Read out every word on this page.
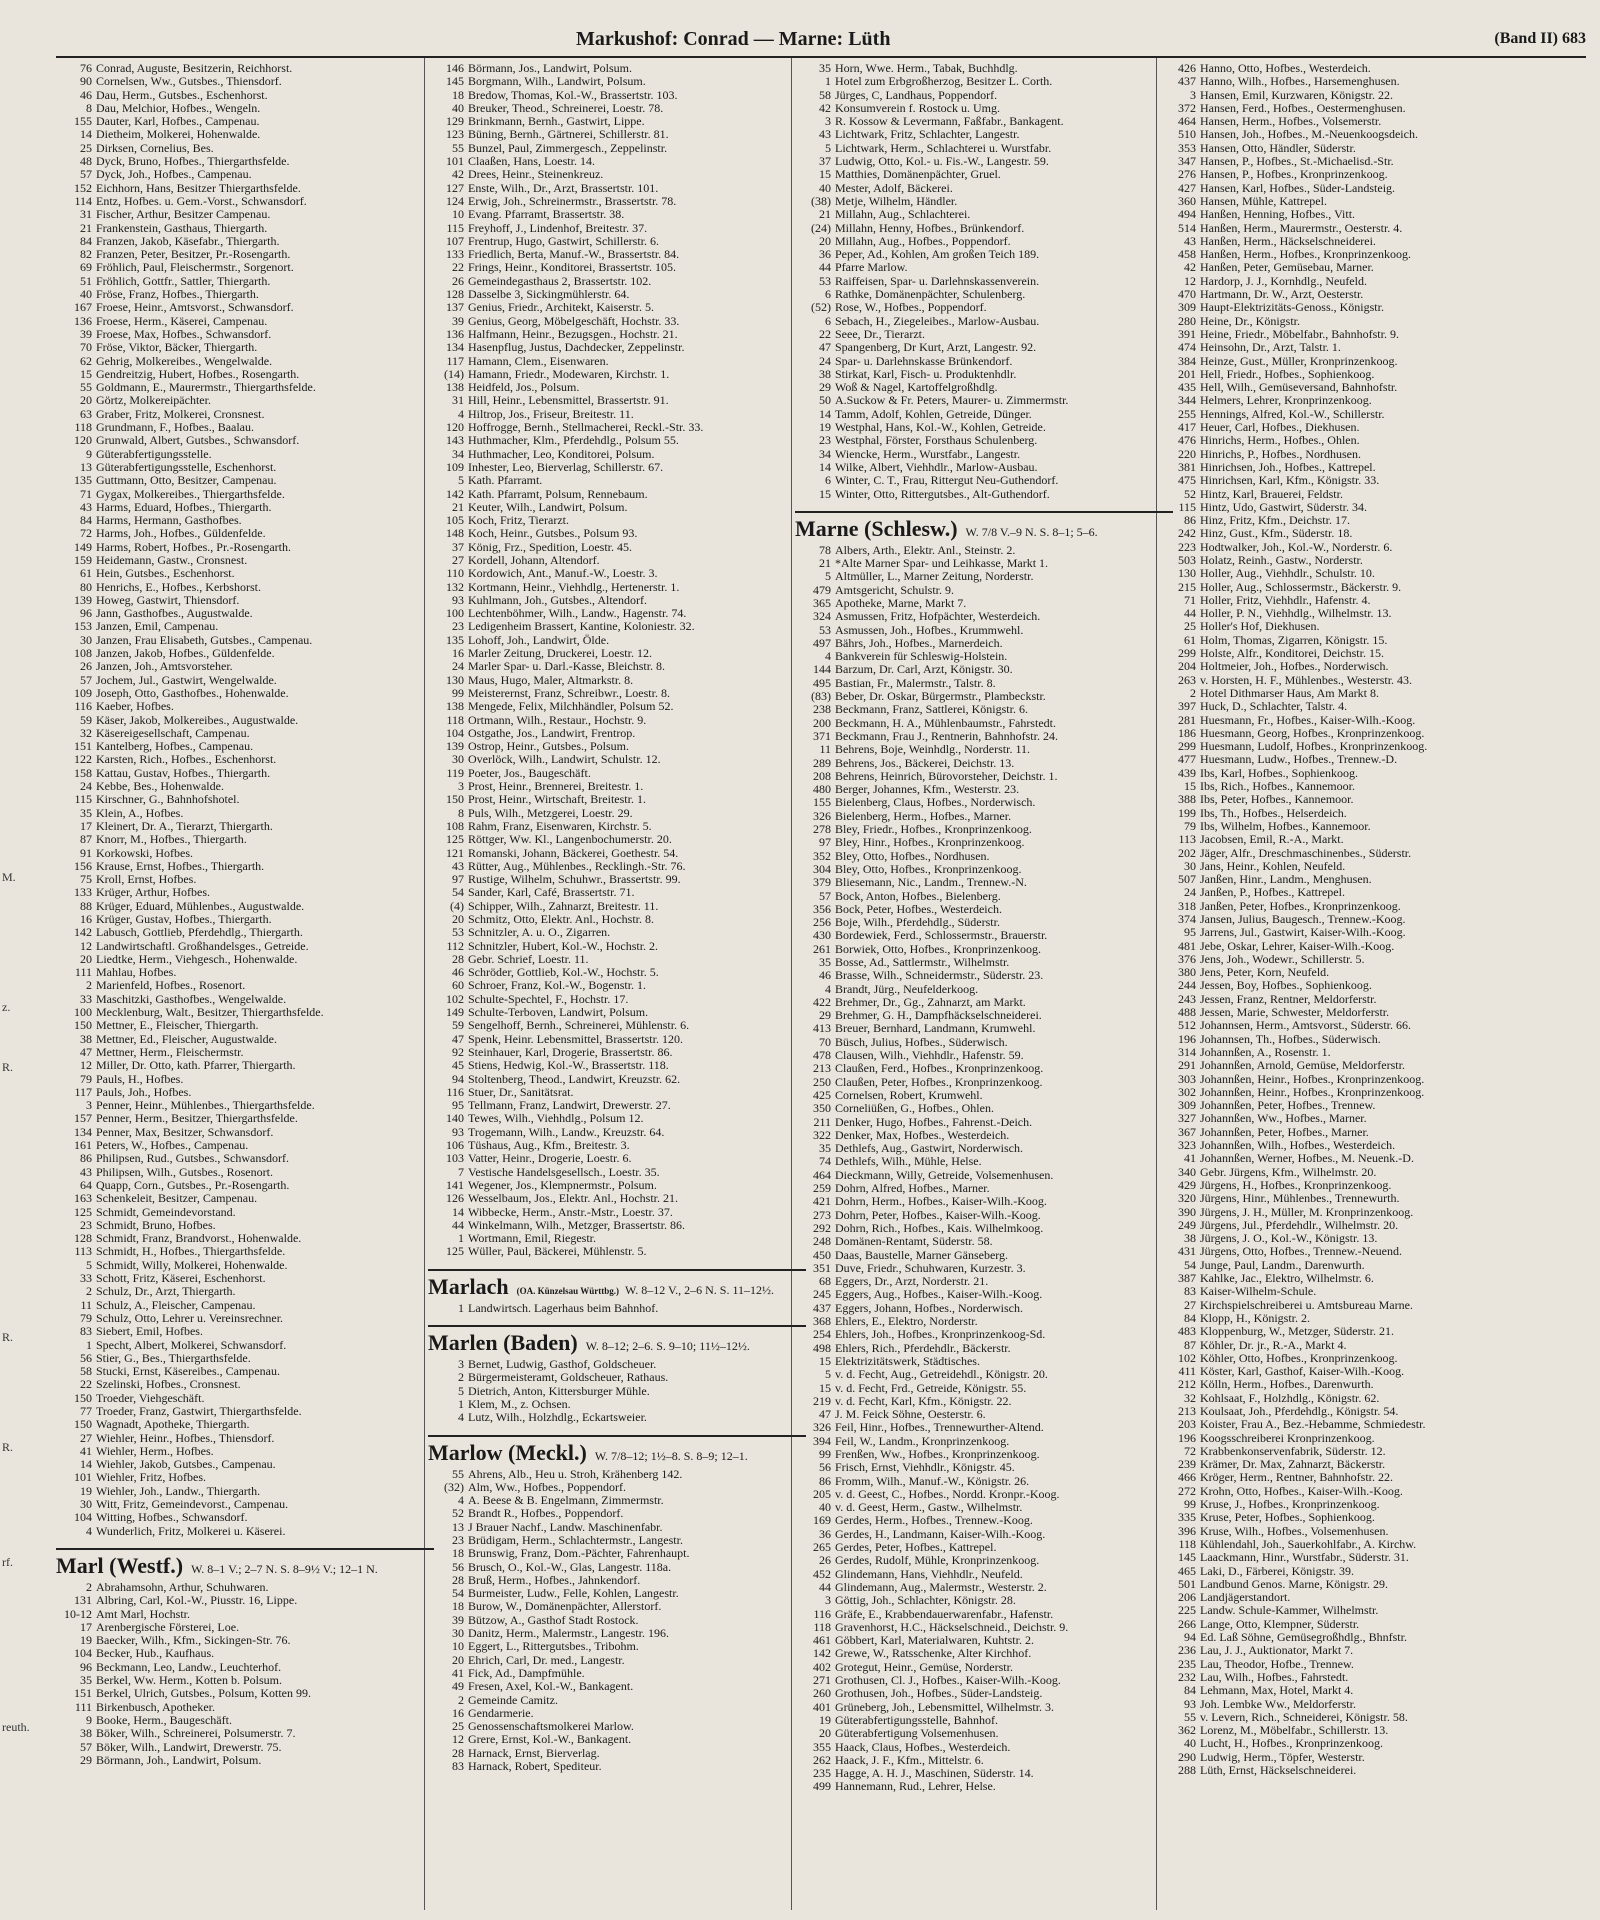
Markushof: Conrad — Marne: Lüth	(Band II) 683
M.
z.
R.
R.
R.
rf.
reuth.
76 Conrad, Auguste, Besitzerin, Reichhorst.
90 Cornelsen, Ww., Gutsbes., Thiensdorf.
46 Dau, Herm., Gutsbes., Eschenhorst.
8 Dau, Melchior, Hofbes., Wengeln.
155 Dauter, Karl, Hofbes., Campenau.
14 Dietheim, Molkerei, Hohenwalde.
25 Dirksen, Cornelius, Bes.
48 Dyck, Bruno, Hofbes., Thiergarthsfelde.
57 Dyck, Joh., Hofbes., Campenau.
152 Eichhorn, Hans, Besitzer Thiergarthsfelde.
114 Entz, Hofbes. u. Gem.-Vorst., Schwansdorf.
31 Fischer, Arthur, Besitzer Campenau.
21 Frankenstein, Gasthaus, Thiergarth.
84 Franzen, Jakob, Käsefabr., Thiergarth.
82 Franzen, Peter, Besitzer, Pr.-Rosengarth.
69 Fröhlich, Paul, Fleischermstr., Sorgenort.
51 Fröhlich, Gottfr., Sattler, Thiergarth.
40 Fröse, Franz, Hofbes., Thiergarth.
167 Froese, Heinr., Amtsvorst., Schwansdorf.
136 Froese, Herm., Käserei, Campenau.
39 Froese, Max, Hofbes., Schwansdorf.
70 Fröse, Viktor, Bäcker, Thiergarth.
62 Gehrig, Molkereibes., Wengelwalde.
15 Gendreitzig, Hubert, Hofbes., Rosengarth.
55 Goldmann, E., Maurermstr., Thiergarthsfelde.
20 Görtz, Molkereipächter.
63 Graber, Fritz, Molkerei, Cronsnest.
118 Grundmann, F., Hofbes., Baalau.
120 Grunwald, Albert, Gutsbes., Schwansdorf.
9 Güterabfertigungsstelle.
13 Güterabfertigungsstelle, Eschenhorst.
135 Guttmann, Otto, Besitzer, Campenau.
71 Gygax, Molkereibes., Thiergarthsfelde.
43 Harms, Eduard, Hofbes., Thiergarth.
84 Harms, Hermann, Gasthofbes.
72 Harms, Joh., Hofbes., Güldenfelde.
149 Harms, Robert, Hofbes., Pr.-Rosengarth.
159 Heidemann, Gastw., Cronsnest.
61 Hein, Gutsbes., Eschenhorst.
80 Henrichs, E., Hofbes., Kerbshorst.
139 Howeg, Gastwirt, Thiensdorf.
96 Jann, Gasthofbes., Augustwalde.
153 Janzen, Emil, Campenau.
30 Janzen, Frau Elisabeth, Gutsbes., Campenau.
108 Janzen, Jakob, Hofbes., Güldenfelde.
26 Janzen, Joh., Amtsvorsteher.
57 Jochem, Jul., Gastwirt, Wengelwalde.
109 Joseph, Otto, Gasthofbes., Hohenwalde.
116 Kaeber, Hofbes.
59 Käser, Jakob, Molkereibes., Augustwalde.
32 Käsereigesellschaft, Campenau.
151 Kantelberg, Hofbes., Campenau.
122 Karsten, Rich., Hofbes., Eschenhorst.
158 Kattau, Gustav, Hofbes., Thiergarth.
24 Kebbe, Bes., Hohenwalde.
115 Kirschner, G., Bahnhofshotel.
35 Klein, A., Hofbes.
17 Kleinert, Dr. A., Tierarzt, Thiergarth.
87 Knorr, M., Hofbes., Thiergarth.
91 Korkowski, Hofbes.
156 Krause, Ernst, Hofbes., Thiergarth.
75 Kroll, Ernst, Hofbes.
133 Krüger, Arthur, Hofbes.
88 Krüger, Eduard, Mühlenbes., Augustwalde.
16 Krüger, Gustav, Hofbes., Thiergarth.
142 Labusch, Gottlieb, Pferdehdlg., Thiergarth.
12 Landwirtschaftl. Großhandelsges., Getreide.
20 Liedtke, Herm., Viehgesch., Hohenwalde.
111 Mahlau, Hofbes.
2 Marienfeld, Hofbes., Rosenort.
33 Maschitzki, Gasthofbes., Wengelwalde.
100 Mecklenburg, Walt., Besitzer, Thiergarthsfelde.
150 Mettner, E., Fleischer, Thiergarth.
38 Mettner, Ed., Fleischer, Augustwalde.
47 Mettner, Herm., Fleischermstr.
12 Miller, Dr. Otto, kath. Pfarrer, Thiergarth.
79 Pauls, H., Hofbes.
117 Pauls, Joh., Hofbes.
3 Penner, Heinr., Mühlenbes., Thiergarthsfelde.
157 Penner, Herm., Besitzer, Thiergarthsfelde.
134 Penner, Max, Besitzer, Schwansdorf.
161 Peters, W., Hofbes., Campenau.
86 Philipsen, Rud., Gutsbes., Schwansdorf.
43 Philipsen, Wilh., Gutsbes., Rosenort.
64 Quapp, Corn., Gutsbes., Pr.-Rosengarth.
163 Schenkeleit, Besitzer, Campenau.
125 Schmidt, Gemeindevorstand.
23 Schmidt, Bruno, Hofbes.
128 Schmidt, Franz, Brandvorst., Hohenwalde.
113 Schmidt, H., Hofbes., Thiergarthsfelde.
5 Schmidt, Willy, Molkerei, Hohenwalde.
33 Schott, Fritz, Käserei, Eschenhorst.
2 Schulz, Dr., Arzt, Thiergarth.
11 Schulz, A., Fleischer, Campenau.
79 Schulz, Otto, Lehrer u. Vereinsrechner.
83 Siebert, Emil, Hofbes.
1 Specht, Albert, Molkerei, Schwansdorf.
56 Stier, G., Bes., Thiergarthsfelde.
58 Stucki, Ernst, Käsereibes., Campenau.
22 Szelinski, Hofbes., Cronsnest.
150 Troeder, Viehgeschäft.
77 Troeder, Franz, Gastwirt, Thiergarthsfelde.
150 Wagnadt, Apotheke, Thiergarth.
27 Wiehler, Heinr., Hofbes., Thiensdorf.
41 Wiehler, Herm., Hofbes.
14 Wiehler, Jakob, Gutsbes., Campenau.
101 Wiehler, Fritz, Hofbes.
19 Wiehler, Joh., Landw., Thiergarth.
30 Witt, Fritz, Gemeindevorst., Campenau.
104 Witting, Hofbes., Schwansdorf.
4 Wunderlich, Fritz, Molkerei u. Käserei.
Marl (Westf.) W. 8–1 V.; 2–7 N. S. 8–9½ V.; 12–1 N.
2 Abrahamsohn, Arthur, Schuhwaren.
131 Albring, Carl, Kol.-W., Piusstr. 16, Lippe.
10-12 Amt Marl, Hochstr.
17 Arenbergische Försterei, Loe.
19 Baecker, Wilh., Kfm., Sickingen-Str. 76.
104 Becker, Hub., Kaufhaus.
96 Beckmann, Leo, Landw., Leuchterhof.
35 Berkel, Ww. Herm., Kotten b. Polsum.
151 Berkel, Ulrich, Gutsbes., Polsum, Kotten 99.
111 Birkenbusch, Apotheker.
9 Booke, Herm., Baugeschäft.
38 Böker, Wilh., Schreinerei, Polsumerstr. 7.
57 Böker, Wilh., Landwirt, Drewerstr. 75.
29 Börmann, Joh., Landwirt, Polsum.
146 Börmann, Jos., Landwirt, Polsum.
145 Borgmann, Wilh., Landwirt, Polsum.
18 Bredow, Thomas, Kol.-W., Brassertstr. 103.
40 Breuker, Theod., Schreinerei, Loestr. 78.
129 Brinkmann, Bernh., Gastwirt, Lippe.
123 Büning, Bernh., Gärtnerei, Schillerstr. 81.
55 Bunzel, Paul, Zimmergesch., Zeppelinstr.
101 Claaßen, Hans, Loestr. 14.
42 Drees, Heinr., Steinenkreuz.
127 Enste, Wilh., Dr., Arzt, Brassertstr. 101.
124 Erwig, Joh., Schreinermstr., Brassertstr. 78.
10 Evang. Pfarramt, Brassertstr. 38.
115 Freyhoff, J., Lindenhof, Breitestr. 37.
107 Frentrup, Hugo, Gastwirt, Schillerstr. 6.
133 Friedlich, Berta, Manuf.-W., Brassertstr. 84.
22 Frings, Heinr., Konditorei, Brassertstr. 105.
26 Gemeindegasthaus 2, Brassertstr. 102.
128 Dasselbe 3, Sickingmühlerstr. 64.
137 Genius, Friedr., Architekt, Kaiserstr. 5.
39 Genius, Georg, Möbelgeschäft, Hochstr. 33.
136 Halfmann, Heinr., Bezugsgen., Hochstr. 21.
134 Hasenpflug, Justus, Dachdecker, Zeppelinstr.
117 Hamann, Clem., Eisenwaren.
(14) Hamann, Friedr., Modewaren, Kirchstr. 1.
138 Heidfeld, Jos., Polsum.
31 Hill, Heinr., Lebensmittel, Brassertstr. 91.
4 Hiltrop, Jos., Friseur, Breitestr. 11.
120 Hoffrogge, Bernh., Stellmacherei, Reckl.-Str. 33.
143 Huthmacher, Klm., Pferdehdlg., Polsum 55.
34 Huthmacher, Leo, Konditorei, Polsum.
109 Inhester, Leo, Bierverlag, Schillerstr. 67.
5 Kath. Pfarramt.
142 Kath. Pfarramt, Polsum, Rennebaum.
21 Keuter, Wilh., Landwirt, Polsum.
105 Koch, Fritz, Tierarzt.
148 Koch, Heinr., Gutsbes., Polsum 93.
37 König, Frz., Spedition, Loestr. 45.
27 Kordell, Johann, Altendorf.
110 Kordowich, Ant., Manuf.-W., Loestr. 3.
132 Kortmann, Heinr., Viehhdlg., Hertenerstr. 1.
93 Kuhlmann, Joh., Gutsbes., Altendorf.
100 Lechtenböhmer, Wilh., Landw., Hagenstr. 74.
23 Ledigenheim Brassert, Kantine, Koloniestr. 32.
135 Lohoff, Joh., Landwirt, Ölde.
16 Marler Zeitung, Druckerei, Loestr. 12.
24 Marler Spar- u. Darl.-Kasse, Bleichstr. 8.
130 Maus, Hugo, Maler, Altmarkstr. 8.
99 Meisterernst, Franz, Schreibwr., Loestr. 8.
138 Mengede, Felix, Milchhändler, Polsum 52.
118 Ortmann, Wilh., Restaur., Hochstr. 9.
104 Ostgathe, Jos., Landwirt, Frentrop.
139 Ostrop, Heinr., Gutsbes., Polsum.
30 Overlöck, Wilh., Landwirt, Schulstr. 12.
119 Poeter, Jos., Baugeschäft.
3 Prost, Heinr., Brennerei, Breitestr. 1.
150 Prost, Heinr., Wirtschaft, Breitestr. 1.
8 Puls, Wilh., Metzgerei, Loestr. 29.
108 Rahm, Franz, Eisenwaren, Kirchstr. 5.
125 Röttger, Ww. Kl., Langenbochumerstr. 20.
121 Romanski, Johann, Bäckerei, Goethestr. 54.
43 Rütter, Aug., Mühlenbes., Recklingh.-Str. 76.
97 Rustige, Wilhelm, Schuhwr., Brassertstr. 99.
54 Sander, Karl, Café, Brassertstr. 71.
(4) Schipper, Wilh., Zahnarzt, Breitestr. 11.
20 Schmitz, Otto, Elektr. Anl., Hochstr. 8.
53 Schnitzler, A. u. O., Zigarren.
112 Schnitzler, Hubert, Kol.-W., Hochstr. 2.
28 Gebr. Schrief, Loestr. 11.
46 Schröder, Gottlieb, Kol.-W., Hochstr. 5.
60 Schroer, Franz, Kol.-W., Bogenstr. 1.
102 Schulte-Spechtel, F., Hochstr. 17.
149 Schulte-Terboven, Landwirt, Polsum.
59 Sengelhoff, Bernh., Schreinerei, Mühlenstr. 6.
47 Spenk, Heinr. Lebensmittel, Brassertstr. 120.
92 Steinhauer, Karl, Drogerie, Brassertstr. 86.
45 Stiens, Hedwig, Kol.-W., Brassertstr. 118.
94 Stoltenberg, Theod., Landwirt, Kreuzstr. 62.
116 Stuer, Dr., Sanitätsrat.
95 Tellmann, Franz, Landwirt, Drewerstr. 27.
140 Tewes, Wilh., Viehhdlg., Polsum 12.
93 Trogemann, Wilh., Landw., Kreuzstr. 64.
106 Tüshaus, Aug., Kfm., Breitestr. 3.
103 Vatter, Heinr., Drogerie, Loestr. 6.
7 Vestische Handelsgesellsch., Loestr. 35.
141 Wegener, Jos., Klempnermstr., Polsum.
126 Wesselbaum, Jos., Elektr. Anl., Hochstr. 21.
14 Wibbecke, Herm., Anstr.-Mstr., Loestr. 37.
44 Winkelmann, Wilh., Metzger, Brassertstr. 86.
1 Wortmann, Emil, Riegestr.
125 Wüller, Paul, Bäckerei, Mühlenstr. 5.
Marlach (OA. Künzelsau Württbg.) W. 8–12 V., 2–6 N. S. 11–12½.
1 Landwirtsch. Lagerhaus beim Bahnhof.
Marlen (Baden) W. 8–12; 2–6. S. 9–10; 11½–12½.
3 Bernet, Ludwig, Gasthof, Goldscheuer.
2 Bürgermeisteramt, Goldscheuer, Rathaus.
5 Dietrich, Anton, Kittersburger Mühle.
1 Klem, M., z. Ochsen.
4 Lutz, Wilh., Holzhdlg., Eckartsweier.
Marlow (Meckl.) W. 7/8–12; 1½–8. S. 8–9; 12–1.
55 Ahrens, Alb., Heu u. Stroh, Krähenberg 142.
(32) Alm, Ww., Hofbes., Poppendorf.
4 A. Beese & B. Engelmann, Zimmermstr.
52 Brandt R., Hofbes., Poppendorf.
13 J Brauer Nachf., Landw. Maschinenfabr.
23 Brüdigam, Herm., Schlachtermstr., Langestr.
18 Brunswig, Franz, Dom.-Pächter, Fahrenhaupt.
56 Brusch, O., Kol.-W., Glas, Langestr. 118a.
28 Bruß, Herm., Hofbes., Jahnkendorf.
54 Burmeister, Ludw., Felle, Kohlen, Langestr.
18 Burow, W., Domänenpächter, Allerstorf.
39 Bützow, A., Gasthof Stadt Rostock.
30 Danitz, Herm., Malermstr., Langestr. 196.
10 Eggert, L., Rittergutsbes., Tribohm.
20 Ehrich, Carl, Dr. med., Langestr.
41 Fick, Ad., Dampfmühle.
49 Fresen, Axel, Kol.-W., Bankagent.
2 Gemeinde Camitz.
16 Gendarmerie.
25 Genossenschaftsmolkerei Marlow.
12 Grere, Ernst, Kol.-W., Bankagent.
28 Harnack, Ernst, Bierverlag.
83 Harnack, Robert, Spediteur.
35 Horn, Wwe. Herm., Tabak, Buchhdlg.
1 Hotel zum Erbgroßherzog, Besitzer L. Corth.
58 Jürges, C, Landhaus, Poppendorf.
42 Konsumverein f. Rostock u. Umg.
3 R. Kossow & Levermann, Faßfabr., Bankagent.
43 Lichtwark, Fritz, Schlachter, Langestr.
5 Lichtwark, Herm., Schlachterei u. Wurstfabr.
37 Ludwig, Otto, Kol.- u. Fis.-W., Langestr. 59.
15 Matthies, Domänenpächter, Gruel.
40 Mester, Adolf, Bäckerei.
(38) Metje, Wilhelm, Händler.
21 Millahn, Aug., Schlachterei.
(24) Millahn, Henny, Hofbes., Brünkendorf.
20 Millahn, Aug., Hofbes., Poppendorf.
36 Peper, Ad., Kohlen, Am großen Teich 189.
44 Pfarre Marlow.
53 Raiffeisen, Spar- u. Darlehnskassenverein.
6 Rathke, Domänenpächter, Schulenberg.
(52) Rose, W., Hofbes., Poppendorf.
6 Sebach, H., Ziegeleibes., Marlow-Ausbau.
22 Seee, Dr., Tierarzt.
47 Spangenberg, Dr Kurt, Arzt, Langestr. 92.
24 Spar- u. Darlehnskasse Brünkendorf.
38 Stirkat, Karl, Fisch- u. Produktenhdlr.
29 Woß & Nagel, Kartoffelgroßhdlg.
50 A.Suckow & Fr. Peters, Maurer- u. Zimmermstr.
14 Tamm, Adolf, Kohlen, Getreide, Dünger.
19 Westphal, Hans, Kol.-W., Kohlen, Getreide.
23 Westphal, Förster, Forsthaus Schulenberg.
34 Wiencke, Herm., Wurstfabr., Langestr.
14 Wilke, Albert, Viehhdlr., Marlow-Ausbau.
6 Winter, C. T., Frau, Rittergut Neu-Guthendorf.
15 Winter, Otto, Rittergutsbes., Alt-Guthendorf.
Marne (Schlesw.) W. 7/8 V.–9 N. S. 8–1; 5–6.
78 Albers, Arth., Elektr. Anl., Steinstr. 2.
21 *Alte Marner Spar- und Leihkasse, Markt 1.
5 Altmüller, L., Marner Zeitung, Norderstr.
479 Amtsgericht, Schulstr. 9.
365 Apotheke, Marne, Markt 7.
324 Asmussen, Fritz, Hofpächter, Westerdeich.
53 Asmussen, Joh., Hofbes., Krummwehl.
497 Bährs, Joh., Hofbes., Marnerdeich.
4 Bankverein für Schleswig-Holstein.
144 Barzum, Dr. Carl, Arzt, Königstr. 30.
495 Bastian, Fr., Malermstr., Talstr. 8.
(83) Beber, Dr. Oskar, Bürgermstr., Plambeckstr.
238 Beckmann, Franz, Sattlerei, Königstr. 6.
200 Beckmann, H. A., Mühlenbaumstr., Fahrstedt.
371 Beckmann, Frau J., Rentnerin, Bahnhofstr. 24.
11 Behrens, Boje, Weinhdlg., Norderstr. 11.
289 Behrens, Jos., Bäckerei, Deichstr. 13.
208 Behrens, Heinrich, Bürovorsteher, Deichstr. 1.
480 Berger, Johannes, Kfm., Westerstr. 23.
155 Bielenberg, Claus, Hofbes., Norderwisch.
326 Bielenberg, Herm., Hofbes., Marner.
278 Bley, Friedr., Hofbes., Kronprinzenkoog.
97 Bley, Hinr., Hofbes., Kronprinzenkoog.
352 Bley, Otto, Hofbes., Nordhusen.
304 Bley, Otto, Hofbes., Kronprinzenkoog.
379 Bliesemann, Nic., Landm., Trennew.-N.
57 Bock, Anton, Hofbes., Bielenberg.
356 Bock, Peter, Hofbes., Westerdeich.
256 Boje, Wilh., Pferdehdlg., Süderstr.
430 Bordewiek, Ferd., Schlossermstr., Brauerstr.
261 Borwiek, Otto, Hofbes., Kronprinzenkoog.
35 Bosse, Ad., Sattlermstr., Wilhelmstr.
46 Brasse, Wilh., Schneidermstr., Süderstr. 23.
4 Brandt, Jürg., Neufelderkoog.
422 Brehmer, Dr., Gg., Zahnarzt, am Markt.
29 Brehmer, G. H., Dampfhäckselschneiderei.
413 Breuer, Bernhard, Landmann, Krumwehl.
70 Büsch, Julius, Hofbes., Süderwisch.
478 Clausen, Wilh., Viehhdlr., Hafenstr. 59.
213 Claußen, Ferd., Hofbes., Kronprinzenkoog.
250 Claußen, Peter, Hofbes., Kronprinzenkoog.
425 Cornelsen, Robert, Krumwehl.
350 Corneliüßen, G., Hofbes., Ohlen.
211 Denker, Hugo, Hofbes., Fahrenst.-Deich.
322 Denker, Max, Hofbes., Westerdeich.
35 Dethlefs, Aug., Gastwirt, Norderwisch.
74 Dethlefs, Wilh., Mühle, Helse.
464 Dieckmann, Willy, Getreide, Volsemenhusen.
259 Dohrn, Alfred, Hofbes., Marner.
421 Dohrn, Herm., Hofbes., Kaiser-Wilh.-Koog.
273 Dohrn, Peter, Hofbes., Kaiser-Wilh.-Koog.
292 Dohrn, Rich., Hofbes., Kais. Wilhelmkoog.
248 Domänen-Rentamt, Süderstr. 58.
450 Daas, Baustelle, Marner Gänseberg.
351 Duve, Friedr., Schuhwaren, Kurzestr. 3.
68 Eggers, Dr., Arzt, Norderstr. 21.
245 Eggers, Aug., Hofbes., Kaiser-Wilh.-Koog.
437 Eggers, Johann, Hofbes., Norderwisch.
368 Ehlers, E., Elektro, Norderstr.
254 Ehlers, Joh., Hofbes., Kronprinzenkoog-Sd.
498 Ehlers, Rich., Pferdehdlr., Bäckerstr.
15 Elektrizitätswerk, Städtisches.
5 v. d. Fecht, Aug., Getreidehdl., Königstr. 20.
15 v. d. Fecht, Frd., Getreide, Königstr. 55.
219 v. d. Fecht, Karl, Kfm., Königstr. 22.
47 J. M. Feick Söhne, Oesterstr. 6.
326 Feil, Hinr., Hofbes., Trennewurther-Altend.
394 Feil, W., Landm., Kronprinzenkoog.
99 Frenßen, Ww., Hofbes., Kronprinzenkoog.
56 Frisch, Ernst, Viehhdlr., Königstr. 45.
86 Fromm, Wilh., Manuf.-W., Königstr. 26.
205 v. d. Geest, C., Hofbes., Nordd. Kronpr.-Koog.
40 v. d. Geest, Herm., Gastw., Wilhelmstr.
169 Gerdes, Herm., Hofbes., Trennew.-Koog.
36 Gerdes, H., Landmann, Kaiser-Wilh.-Koog.
265 Gerdes, Peter, Hofbes., Kattrepel.
26 Gerdes, Rudolf, Mühle, Kronprinzenkoog.
452 Glindemann, Hans, Viehhdlr., Neufeld.
44 Glindemann, Aug., Malermstr., Westerstr. 2.
3 Göttig, Joh., Schlachter, Königstr. 28.
116 Gräfe, E., Krabbendauerwarenfabr., Hafenstr.
118 Gravenhorst, H.C., Häckselschneid., Deichstr. 9.
461 Göbbert, Karl, Materialwaren, Kuhtstr. 2.
142 Grewe, W., Ratsschenke, Alter Kirchhof.
402 Grotegut, Heinr., Gemüse, Norderstr.
271 Grothusen, Cl. J., Hofbes., Kaiser-Wilh.-Koog.
260 Grothusen, Joh., Hofbes., Süder-Landsteig.
401 Grüneberg, Joh., Lebensmittel, Wilhelmstr. 3.
19 Güterabfertigungsstelle, Bahnhof.
20 Güterabfertigung Volsemenhusen.
355 Haack, Claus, Hofbes., Westerdeich.
262 Haack, J. F., Kfm., Mittelstr. 6.
235 Hagge, A. H. J., Maschinen, Süderstr. 14.
499 Hannemann, Rud., Lehrer, Helse.
426 Hanno, Otto, Hofbes., Westerdeich.
437 Hanno, Wilh., Hofbes., Harsemenghusen.
3 Hansen, Emil, Kurzwaren, Königstr. 22.
372 Hansen, Ferd., Hofbes., Oestermenghusen.
464 Hansen, Herm., Hofbes., Volsemerstr.
510 Hansen, Joh., Hofbes., M.-Neuenkoogsdeich.
353 Hansen, Otto, Händler, Süderstr.
347 Hansen, P., Hofbes., St.-Michaelisd.-Str.
276 Hansen, P., Hofbes., Kronprinzenkoog.
427 Hansen, Karl, Hofbes., Süder-Landsteig.
360 Hansen, Mühle, Kattrepel.
494 Hanßen, Henning, Hofbes., Vitt.
514 Hanßen, Herm., Maurermstr., Oesterstr. 4.
43 Hanßen, Herm., Häckselschneiderei.
458 Hanßen, Herm., Hofbes., Kronprinzenkoog.
42 Hanßen, Peter, Gemüsebau, Marner.
12 Hardorp, J. J., Kornhdlg., Neufeld.
470 Hartmann, Dr. W., Arzt, Oesterstr.
309 Haupt-Elektrizitäts-Genoss., Königstr.
280 Heine, Dr., Königstr.
391 Heine, Friedr., Möbelfabr., Bahnhofstr. 9.
474 Heinsohn, Dr., Arzt, Talstr. 1.
384 Heinze, Gust., Müller, Kronprinzenkoog.
201 Hell, Friedr., Hofbes., Sophienkoog.
435 Hell, Wilh., Gemüseversand, Bahnhofstr.
344 Helmers, Lehrer, Kronprinzenkoog.
255 Hennings, Alfred, Kol.-W., Schillerstr.
417 Heuer, Carl, Hofbes., Diekhusen.
476 Hinrichs, Herm., Hofbes., Ohlen.
220 Hinrichs, P., Hofbes., Nordhusen.
381 Hinrichsen, Joh., Hofbes., Kattrepel.
475 Hinrichsen, Karl, Kfm., Königstr. 33.
52 Hintz, Karl, Brauerei, Feldstr.
115 Hintz, Udo, Gastwirt, Süderstr. 34.
86 Hinz, Fritz, Kfm., Deichstr. 17.
242 Hinz, Gust., Kfm., Süderstr. 18.
223 Hodtwalker, Joh., Kol.-W., Norderstr. 6.
503 Holatz, Reinh., Gastw., Norderstr.
130 Holler, Aug., Viehhdlr., Schulstr. 10.
215 Holler, Aug., Schlossermstr., Bäckerstr. 9.
71 Holler, Fritz, Viehhdlr., Hafenstr. 4.
44 Holler, P. N., Viehhdlg., Wilhelmstr. 13.
25 Holler's Hof, Diekhusen.
61 Holm, Thomas, Zigarren, Königstr. 15.
299 Holste, Alfr., Konditorei, Deichstr. 15.
204 Holtmeier, Joh., Hofbes., Norderwisch.
263 v. Horsten, H. F., Mühlenbes., Westerstr. 43.
2 Hotel Dithmarser Haus, Am Markt 8.
397 Huck, D., Schlachter, Talstr. 4.
281 Huesmann, Fr., Hofbes., Kaiser-Wilh.-Koog.
186 Huesmann, Georg, Hofbes., Kronprinzenkoog.
299 Huesmann, Ludolf, Hofbes., Kronprinzenkoog.
477 Huesmann, Ludw., Hofbes., Trennew.-D.
439 Ibs, Karl, Hofbes., Sophienkoog.
15 Ibs, Rich., Hofbes., Kannemoor.
388 Ibs, Peter, Hofbes., Kannemoor.
199 Ibs, Th., Hofbes., Helserdeich.
79 Ibs, Wilhelm, Hofbes., Kannemoor.
113 Jacobsen, Emil, R.-A., Markt.
202 Jäger, Alfr., Dreschmaschinenbes., Süderstr.
30 Jans, Heinr., Kohlen, Neufeld.
507 Janßen, Hinr., Landm., Menghusen.
24 Janßen, P., Hofbes., Kattrepel.
318 Janßen, Peter, Hofbes., Kronprinzenkoog.
374 Jansen, Julius, Baugesch., Trennew.-Koog.
95 Jarrens, Jul., Gastwirt, Kaiser-Wilh.-Koog.
481 Jebe, Oskar, Lehrer, Kaiser-Wilh.-Koog.
376 Jens, Joh., Wodewr., Schillerstr. 5.
380 Jens, Peter, Korn, Neufeld.
244 Jessen, Boy, Hofbes., Sophienkoog.
243 Jessen, Franz, Rentner, Meldorferstr.
488 Jessen, Marie, Schwester, Meldorferstr.
512 Johannsen, Herm., Amtsvorst., Süderstr. 66.
196 Johannsen, Th., Hofbes., Süderwisch.
314 Johannßen, A., Rosenstr. 1.
291 Johannßen, Arnold, Gemüse, Meldorferstr.
303 Johannßen, Heinr., Hofbes., Kronprinzenkoog.
302 Johannßen, Heinr., Hofbes., Kronprinzenkoog.
309 Johannßen, Peter, Hofbes., Trennew.
327 Johannßen, Ww., Hofbes., Marner.
367 Johannßen, Peter, Hofbes., Marner.
323 Johannßen, Wilh., Hofbes., Westerdeich.
41 Johannßen, Werner, Hofbes., M. Neuenk.-D.
340 Gebr. Jürgens, Kfm., Wilhelmstr. 20.
429 Jürgens, H., Hofbes., Kronprinzenkoog.
320 Jürgens, Hinr., Mühlenbes., Trennewurth.
390 Jürgens, J. H., Müller, M. Kronprinzenkoog.
249 Jürgens, Jul., Pferdehdlr., Wilhelmstr. 20.
38 Jürgens, J. O., Kol.-W., Königstr. 13.
431 Jürgens, Otto, Hofbes., Trennew.-Neuend.
54 Junge, Paul, Landm., Darenwurth.
387 Kahlke, Jac., Elektro, Wilhelmstr. 6.
83 Kaiser-Wilhelm-Schule.
27 Kirchspielschreiberei u. Amtsbureau Marne.
84 Klopp, H., Königstr. 2.
483 Kloppenburg, W., Metzger, Süderstr. 21.
87 Köhler, Dr. jr., R.-A., Markt 4.
102 Köhler, Otto, Hofbes., Kronprinzenkoog.
411 Köster, Karl, Gasthof, Kaiser-Wilh.-Koog.
212 Kölln, Herm., Hofbes., Darenwurth.
32 Kohlsaat, F., Holzhdlg., Königstr. 62.
213 Koulsaat, Joh., Pferdehdlg., Königstr. 54.
203 Koister, Frau A., Bez.-Hebamme, Schmiedestr.
196 Koogsschreiberei Kronprinzenkoog.
72 Krabbenkonservenfabrik, Süderstr. 12.
239 Krämer, Dr. Max, Zahnarzt, Bäckerstr.
466 Kröger, Herm., Rentner, Bahnhofstr. 22.
272 Krohn, Otto, Hofbes., Kaiser-Wilh.-Koog.
99 Kruse, J., Hofbes., Kronprinzenkoog.
335 Kruse, Peter, Hofbes., Sophienkoog.
396 Kruse, Wilh., Hofbes., Volsemenhusen.
118 Kühlendahl, Joh., Sauerkohlfabr., A. Kirchw.
145 Laackmann, Hinr., Wurstfabr., Süderstr. 31.
465 Laki, D., Färberei, Königstr. 39.
501 Landbund Genos. Marne, Königstr. 29.
206 Landjägerstandort.
225 Landw. Schule-Kammer, Wilhelmstr.
266 Lange, Otto, Klempner, Süderstr.
94 Ed. Laß Söhne, Gemüsegroßhdlg., Bhnfstr.
236 Lau, J. J., Auktionator, Markt 7.
235 Lau, Theodor, Hofbe., Trennew.
232 Lau, Wilh., Hofbes., Fahrstedt.
84 Lehmann, Max, Hotel, Markt 4.
93 Joh. Lembke Ww., Meldorferstr.
55 v. Levern, Rich., Schneiderei, Königstr. 58.
362 Lorenz, M., Möbelfabr., Schillerstr. 13.
40 Lucht, H., Hofbes., Kronprinzenkoog.
290 Ludwig, Herm., Töpfer, Westerstr.
288 Lüth, Ernst, Häckselschneiderei.
